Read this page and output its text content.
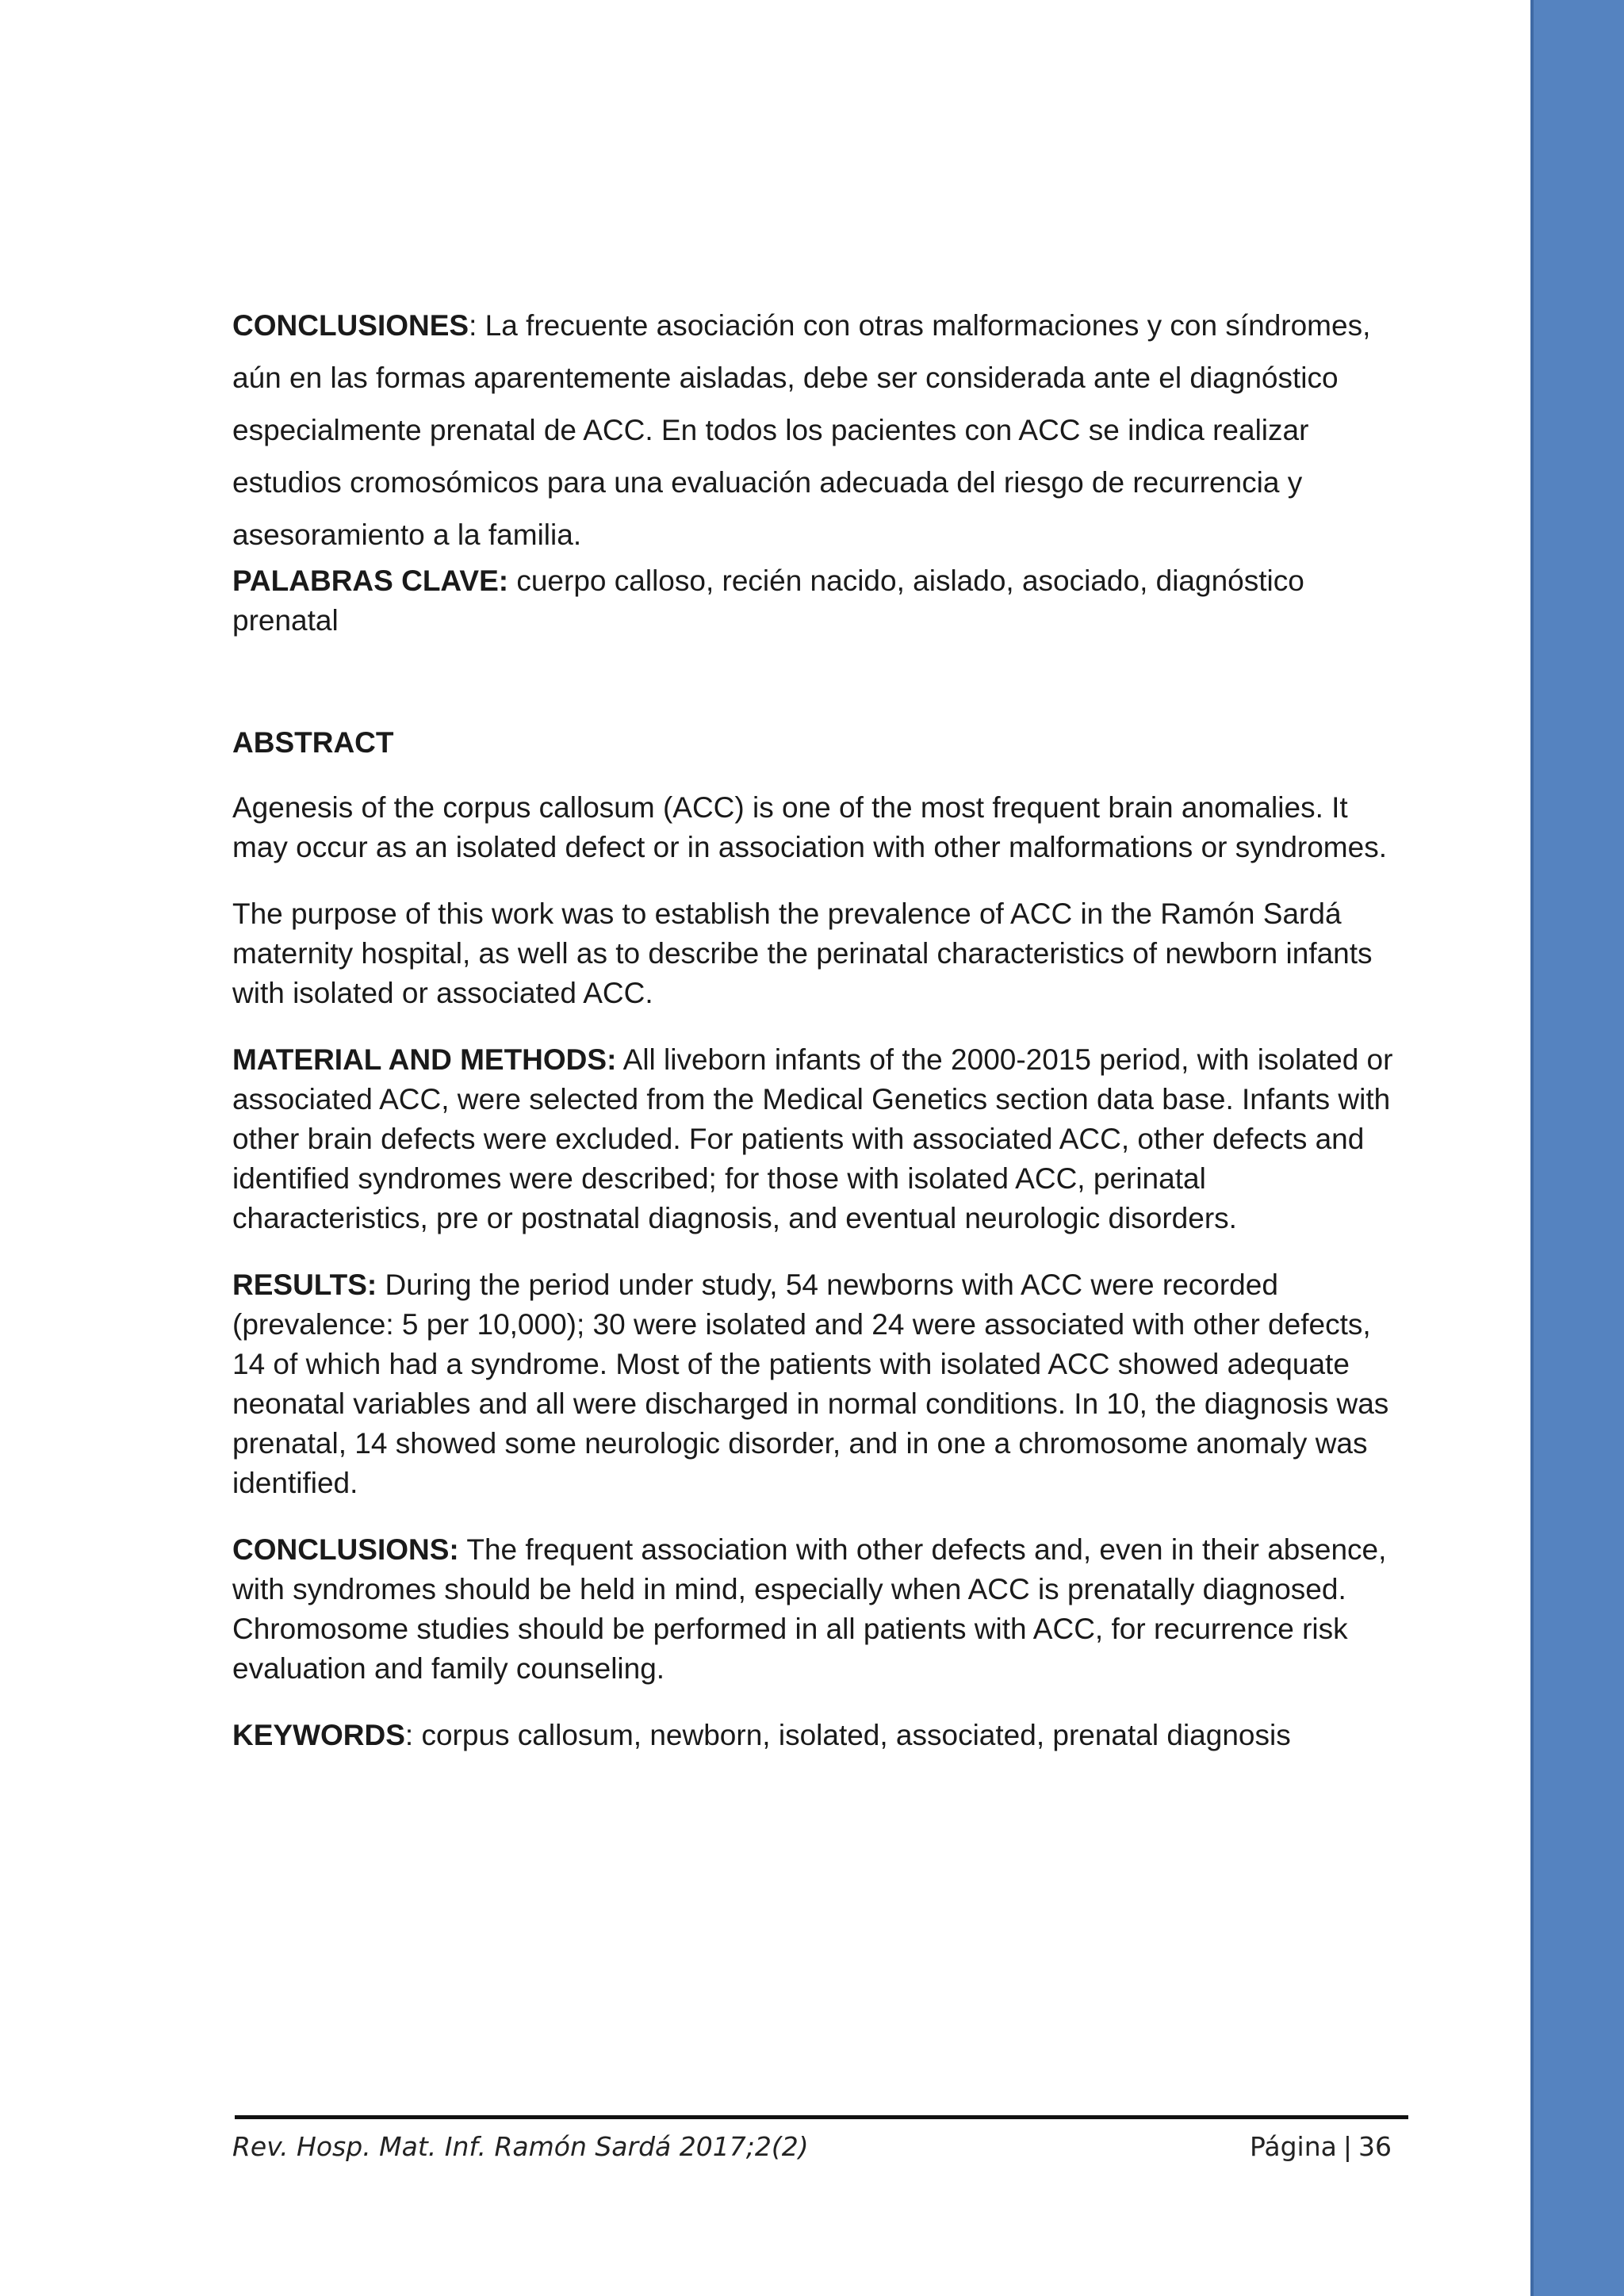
CONCLUSIONES: La frecuente asociación con otras malformaciones y con síndromes, aún en las formas aparentemente aisladas, debe ser considerada ante el diagnóstico especialmente prenatal de ACC. En todos los pacientes con ACC se indica realizar estudios cromosómicos para una evaluación adecuada del riesgo de recurrencia y asesoramiento a la familia.

PALABRAS CLAVE: cuerpo calloso, recién nacido, aislado, asociado, diagnóstico prenatal

ABSTRACT

Agenesis of the corpus callosum (ACC) is one of the most frequent brain anomalies. It may occur as an isolated defect or in association with other malformations or syndromes.

The purpose of this work was to establish the prevalence of ACC in the Ramón Sardá maternity hospital, as well as to describe the perinatal characteristics of newborn infants with isolated or associated ACC.

MATERIAL AND METHODS: All liveborn infants of the 2000-2015 period, with isolated or associated ACC, were selected from the Medical Genetics section data base. Infants with other brain defects were excluded. For patients with associated ACC, other defects and identified syndromes were described; for those with isolated ACC, perinatal characteristics, pre or postnatal diagnosis, and eventual neurologic disorders.

RESULTS: During the period under study, 54 newborns with ACC were recorded (prevalence: 5 per 10,000); 30 were isolated and 24 were associated with other defects, 14 of which had a syndrome. Most of the patients with isolated ACC showed adequate neonatal variables and all were discharged in normal conditions. In 10, the diagnosis was prenatal, 14 showed some neurologic disorder, and in one a chromosome anomaly was identified.

CONCLUSIONS: The frequent association with other defects and, even in their absence, with syndromes should be held in mind, especially when ACC is prenatally diagnosed. Chromosome studies should be performed in all patients with ACC, for recurrence risk evaluation and family counseling.

KEYWORDS: corpus callosum, newborn, isolated, associated, prenatal diagnosis

Rev. Hosp. Mat. Inf. Ramón Sardá 2017;2(2)	Página | 36
